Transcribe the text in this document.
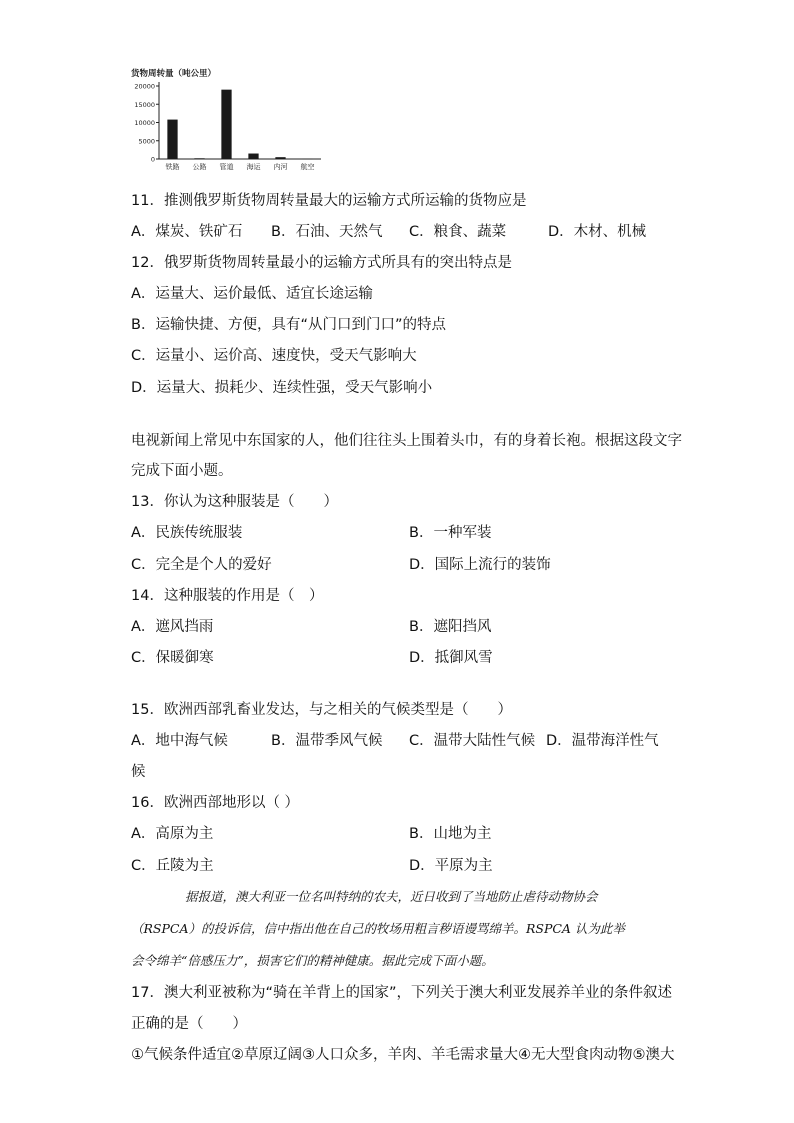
货物周转量（吨公里）
0
5000
10000
15000
20000
铁路 公路 管道 海运 内河 航空
11．推测俄罗斯货物周转量最大的运输方式所运输的货物应是
A．煤炭、铁矿石 B．石油、天然气 C．粮食、蔬菜	D．木材、机械
12．俄罗斯货物周转量最小的运输方式所具有的突出特点是
A．运量大、运价最低、适宜长途运输
B．运输快捷、方便，具有“从门口到门口”的特点
C．运量小、运价高、速度快，受天气影响大
D．运量大、损耗少、连续性强，受天气影响小
电视新闻上常见中东国家的人，他们往往头上围着头巾，有的身着长袍。根据这段文字
完成下面小题。
13．你认为这种服装是（　　）
A．民族传统服装	B．一种军装
C．完全是个人的爱好	D．国际上流行的装饰
14．这种服装的作用是（　）
A．遮风挡雨	B．遮阳挡风
C．保暖御寒	D．抵御风雪
15．欧洲西部乳畜业发达，与之相关的气候类型是（　　）
A．地中海气候	B．温带季风气候 C．温带大陆性气候 D．温带海洋性气
候
16．欧洲西部地形以（ ）
A．高原为主	B．山地为主
C．丘陵为主	D．平原为主
据报道，澳大利亚一位名叫特纳的农夫，近日收到了当地防止虐待动物协会
（RSPCA）的投诉信，信中指出他在自己的牧场用粗言秽语谩骂绵羊。RSPCA 认为此举
会令绵羊“倍感压力”，损害它们的精神健康。据此完成下面小题。
17．澳大利亚被称为“骑在羊背上的国家”，下列关于澳大利亚发展养羊业的条件叙述
正确的是（　　）
①气候条件适宜②草原辽阔③人口众多，羊肉、羊毛需求量大④无大型食肉动物⑤澳大
